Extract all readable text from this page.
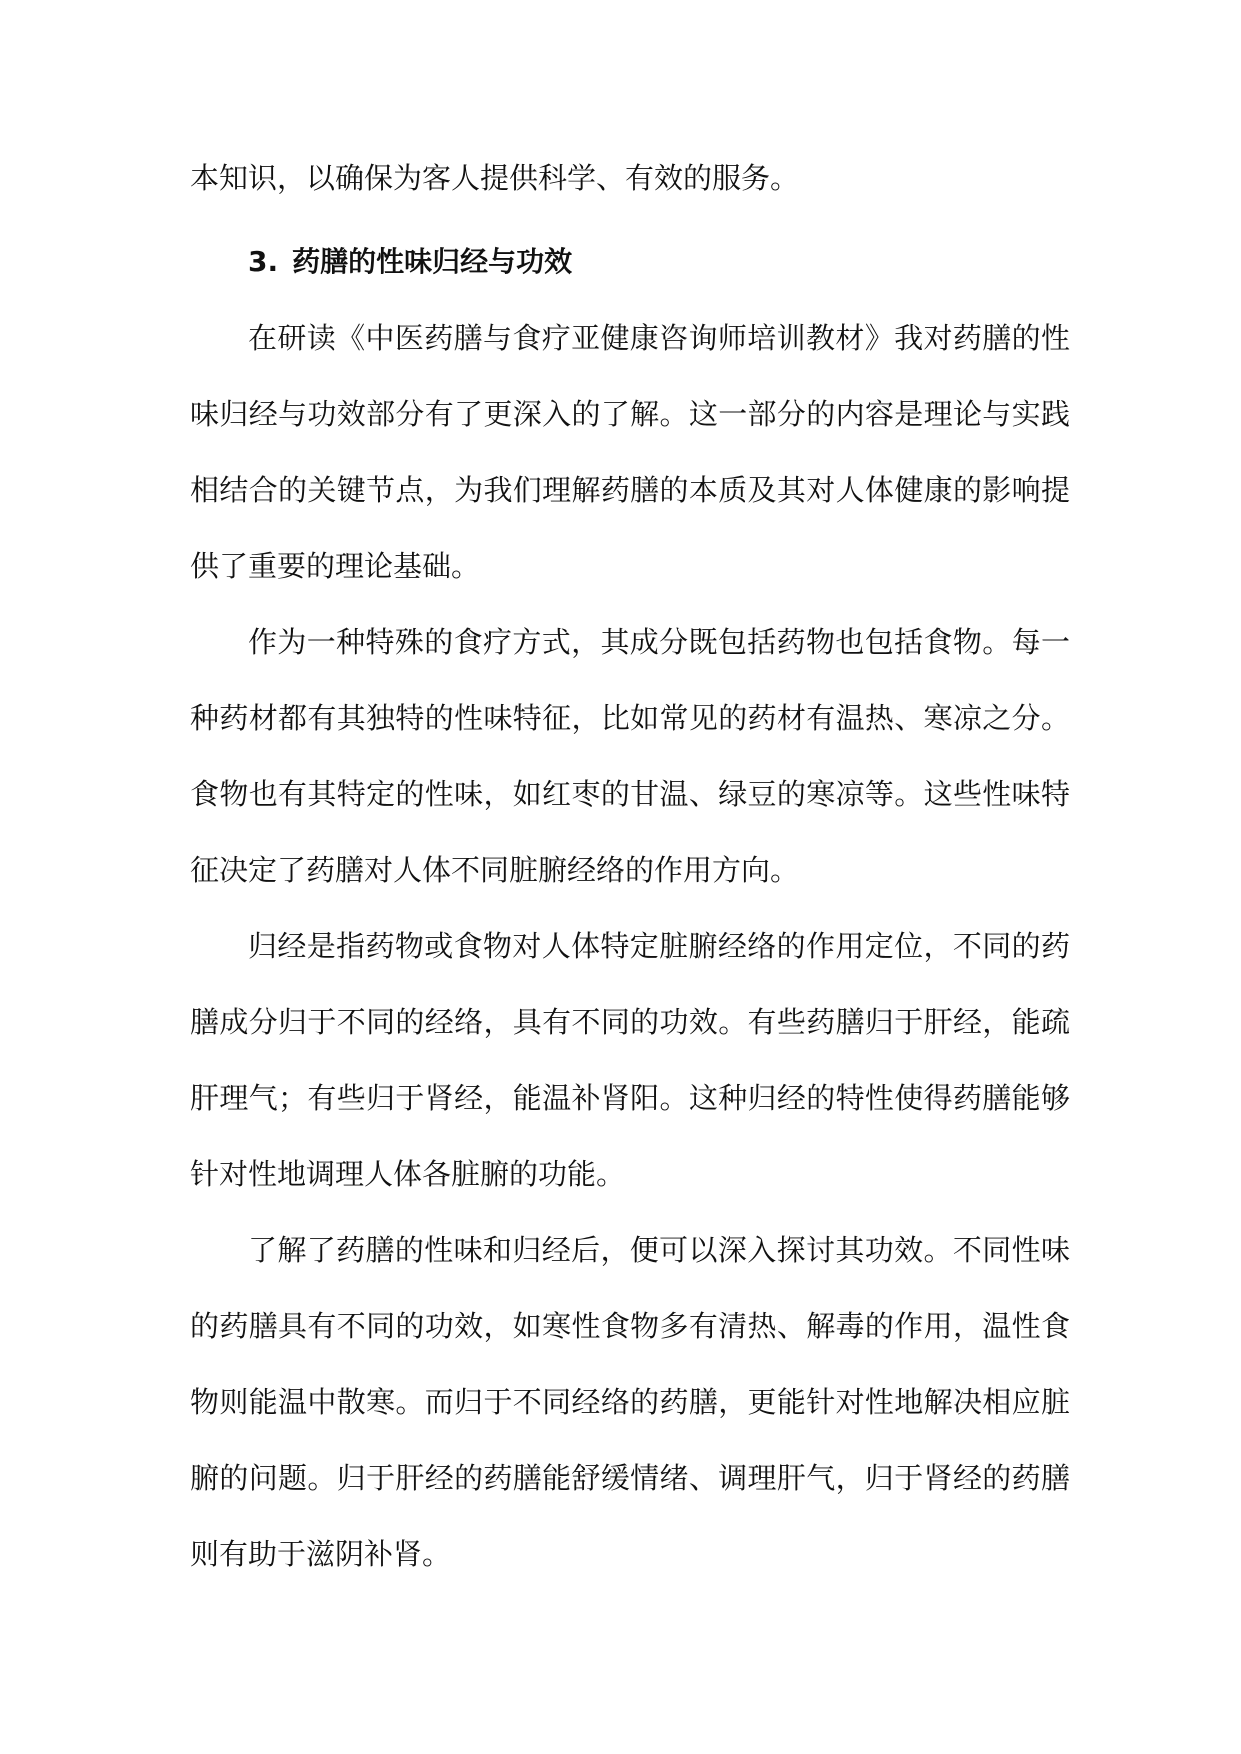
本知识，以确保为客人提供科学、有效的服务。

3. 药膳的性味归经与功效

在研读《中医药膳与食疗亚健康咨询师培训教材》我对药膳的性味归经与功效部分有了更深入的了解。这一部分的内容是理论与实践相结合的关键节点，为我们理解药膳的本质及其对人体健康的影响提供了重要的理论基础。

作为一种特殊的食疗方式，其成分既包括药物也包括食物。每一种药材都有其独特的性味特征，比如常见的药材有温热、寒凉之分。食物也有其特定的性味，如红枣的甘温、绿豆的寒凉等。这些性味特征决定了药膳对人体不同脏腑经络的作用方向。

归经是指药物或食物对人体特定脏腑经络的作用定位，不同的药膳成分归于不同的经络，具有不同的功效。有些药膳归于肝经，能疏肝理气；有些归于肾经，能温补肾阳。这种归经的特性使得药膳能够针对性地调理人体各脏腑的功能。

了解了药膳的性味和归经后，便可以深入探讨其功效。不同性味的药膳具有不同的功效，如寒性食物多有清热、解毒的作用，温性食物则能温中散寒。而归于不同经络的药膳，更能针对性地解决相应脏腑的问题。归于肝经的药膳能舒缓情绪、调理肝气，归于肾经的药膳则有助于滋阴补肾。
